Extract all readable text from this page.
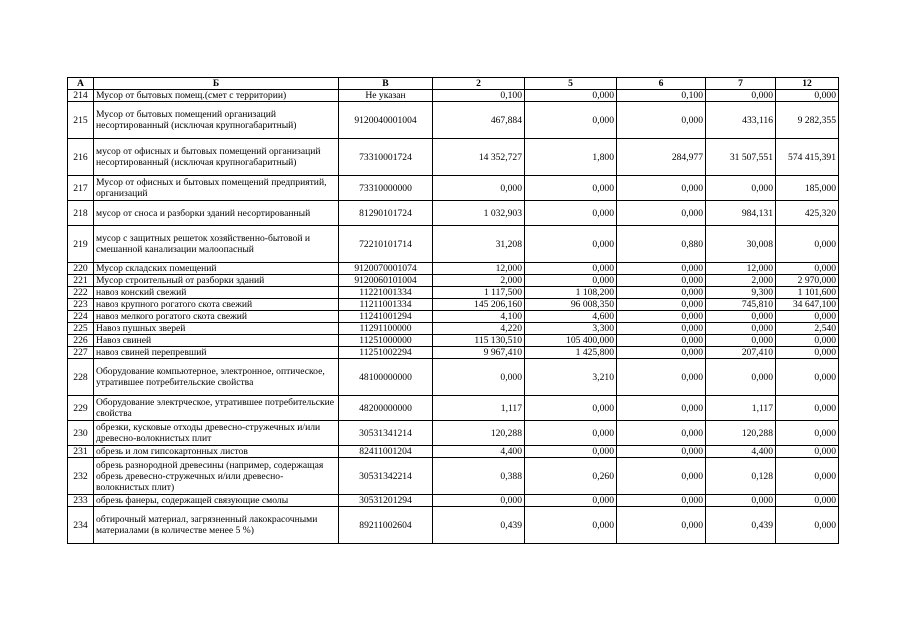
А	Б	В	2	5	6	7	12
214	Мусор от бытовых помещ.(смет с территории)	Не указан	0,100	0,000	0,100	0,000	0,000
215	Мусор от бытовых помещений организаций несортированный (исключая крупногабаритный)	9120040001004	467,884	0,000	0,000	433,116	9 282,355
216	мусор от офисных и бытовых помещений организаций несортированный (исключая крупногабаритный)	73310001724	14 352,727	1,800	284,977	31 507,551	574 415,391
217	Мусор от офисных и бытовых помещений предприятий, организаций	73310000000	0,000	0,000	0,000	0,000	185,000
218	мусор от сноса и разборки зданий несортированный	81290101724	1 032,903	0,000	0,000	984,131	425,320
219	мусор с защитных решеток хозяйственно-бытовой и смешанной канализации малоопасный	72210101714	31,208	0,000	0,880	30,008	0,000
220	Мусор складских помещений	9120070001074	12,000	0,000	0,000	12,000	0,000
221	Мусор строительный от разборки зданий	9120060101004	2,000	0,000	0,000	2,000	2 970,000
222	навоз конский свежий	11221001334	1 117,500	1 108,200	0,000	9,300	1 101,600
223	навоз крупного рогатого скота свежий	11211001334	145 206,160	96 008,350	0,000	745,810	34 647,100
224	навоз мелкого рогатого скота свежий	11241001294	4,100	4,600	0,000	0,000	0,000
225	Навоз пушных зверей	11291100000	4,220	3,300	0,000	0,000	2,540
226	Навоз свиней	11251000000	115 130,510	105 400,000	0,000	0,000	0,000
227	навоз свиней перепревший	11251002294	9 967,410	1 425,800	0,000	207,410	0,000
228	Оборудование компьютерное, электронное, оптическое, утратившее потребительские свойства	48100000000	0,000	3,210	0,000	0,000	0,000
229	Оборудование электрческое, утратившее потребительские свойства	48200000000	1,117	0,000	0,000	1,117	0,000
230	обрезки, кусковые отходы древесно-стружечных и/или древесно-волокнистых плит	30531341214	120,288	0,000	0,000	120,288	0,000
231	обрезь и лом гипсокартонных листов	82411001204	4,400	0,000	0,000	4,400	0,000
232	обрезь разнородной древесины (например, содержащая обрезь древесно-стружечных и/или древесно-волокнистых плит)	30531342214	0,388	0,260	0,000	0,128	0,000
233	обрезь фанеры, содержащей связующие смолы	30531201294	0,000	0,000	0,000	0,000	0,000
234	обтирочный материал, загрязненный лакокрасочными материалами (в количестве менее 5 %)	89211002604	0,439	0,000	0,000	0,439	0,000
